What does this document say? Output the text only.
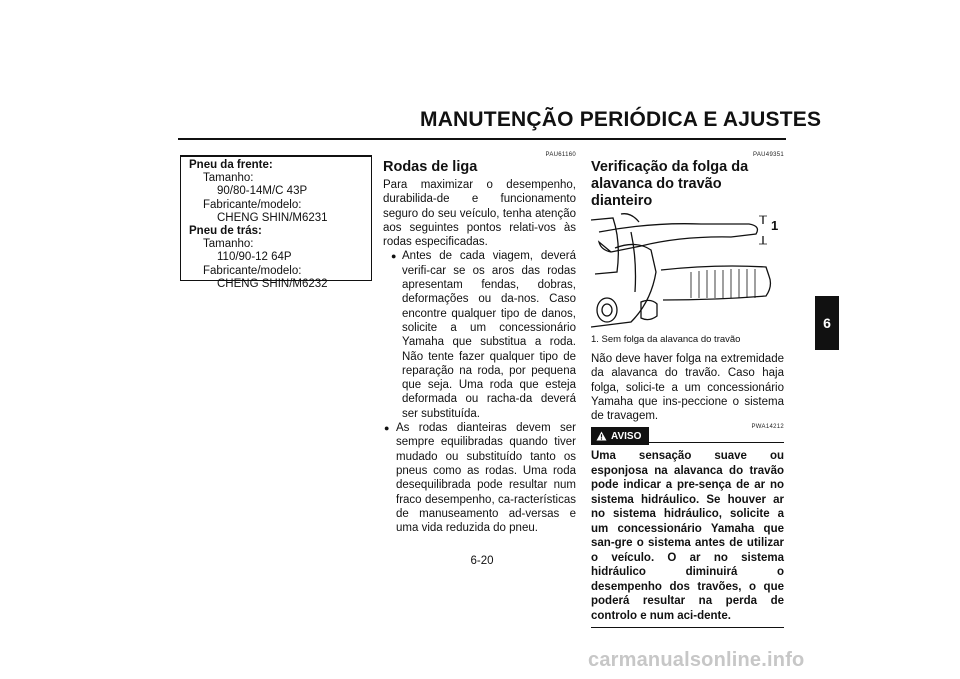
MANUTENÇÃO PERIÓDICA E AJUSTES
6
Pneu da frente:
Tamanho:
90/80-14M/C 43P
Fabricante/modelo:
CHENG SHIN/M6231
Pneu de trás:
Tamanho:
110/90-12 64P
Fabricante/modelo:
CHENG SHIN/M6232
PAU61160
Rodas de liga
Para maximizar o desempenho, durabilida-de e funcionamento seguro do seu veículo, tenha atenção aos seguintes pontos relati-vos às rodas especificadas.
● Antes de cada viagem, deverá verifi-car se os aros das rodas apresentam fendas, dobras, deformações ou da-nos. Caso encontre qualquer tipo de danos, solicite a um concessionário Yamaha que substitua a roda. Não tente fazer qualquer tipo de reparação na roda, por pequena que seja. Uma roda que esteja deformada ou racha-da deverá ser substituída.
● As rodas dianteiras devem ser sempre equilibradas quando tiver mudado ou substituído tanto os pneus como as rodas. Uma roda desequilibrada pode resultar num fraco desempenho, ca-racterísticas de manuseamento ad-versas e uma vida reduzida do pneu.
PAU49351
Verificação da folga da alavanca do travão dianteiro
1
1. Sem folga da alavanca do travão
Não deve haver folga na extremidade da alavanca do travão. Caso haja folga, solici-te a um concessionário Yamaha que ins-peccione o sistema de travagem.
AVISO
PWA14212
Uma sensação suave ou esponjosa na alavanca do travão pode indicar a pre-sença de ar no sistema hidráulico. Se houver ar no sistema hidráulico, solicite a um concessionário Yamaha que san-gre o sistema antes de utilizar o veículo. O ar no sistema hidráulico diminuirá o desempenho dos travões, o que poderá resultar na perda de controlo e num aci-dente.
6-20
carmanualsonline.info
